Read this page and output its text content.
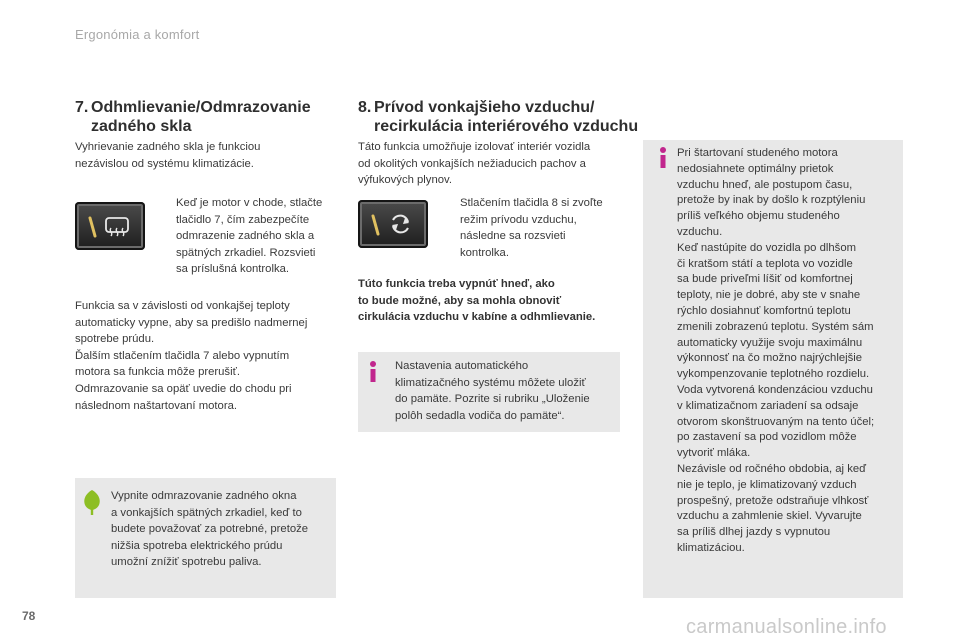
Ergonómia a komfort
78	carmanualsonline.info
7. Odhmlievanie/Odmrazovanie
zadného skla
Vyhrievanie zadného skla je funkciou
nezávislou od systému klimatizácie.
Keď je motor v chode, stlačte
tlačidlo 7, čím zabezpečíte
odmrazenie zadného skla a
spätných zrkadiel. Rozsvieti
sa príslušná kontrolka.
Funkcia sa v závislosti od vonkajšej teploty
automaticky vypne, aby sa predišlo nadmernej
spotrebe prúdu.
Ďalším stlačením tlačidla 7 alebo vypnutím
motora sa funkcia môže prerušiť.
Odmrazovanie sa opäť uvedie do chodu pri
následnom naštartovaní motora.
Vypnite odmrazovanie zadného okna
a vonkajších spätných zrkadiel, keď to
budete považovať za potrebné, pretože
nižšia spotreba elektrického prúdu
umožní znížiť spotrebu paliva.
8. Prívod vonkajšieho vzduchu/
recirkulácia interiérového vzduchu
Táto funkcia umožňuje izolovať interiér vozidla
od okolitých vonkajších nežiaducich pachov a
výfukových plynov.
Stlačením tlačidla 8 si zvoľte
režim prívodu vzduchu,
následne sa rozsvieti
kontrolka.
Túto funkcia treba vypnúť hneď, ako
to bude možné, aby sa mohla obnoviť
cirkulácia vzduchu v kabíne a odhmlievanie.
Nastavenia automatického
klimatizačného systému môžete uložiť
do pamäte. Pozrite si rubriku „Uloženie
polôh sedadla vodiča do pamäte“.
Pri štartovaní studeného motora
nedosiahnete optimálny prietok
vzduchu hneď, ale postupom času,
pretože by inak by došlo k rozptýleniu
príliš veľkého objemu studeného
vzduchu.
Keď nastúpite do vozidla po dlhšom
či kratšom státí a teplota vo vozidle
sa bude priveľmi líšiť od komfortnej
teploty, nie je dobré, aby ste v snahe
rýchlo dosiahnuť komfortnú teplotu
zmenili zobrazenú teplotu. Systém sám
automaticky využije svoju maximálnu
výkonnosť na čo možno najrýchlejšie
vykompenzovanie teplotného rozdielu.
Voda vytvorená kondenzáciou vzduchu
v klimatizačnom zariadení sa odsaje
otvorom skonštruovaným na tento účel;
po zastavení sa pod vozidlom môže
vytvoriť mláka.
Nezávisle od ročného obdobia, aj keď
nie je teplo, je klimatizovaný vzduch
prospešný, pretože odstraňuje vlhkosť
vzduchu a zahmlenie skiel. Vyvarujte
sa príliš dlhej jazdy s vypnutou
klimatizáciou.
